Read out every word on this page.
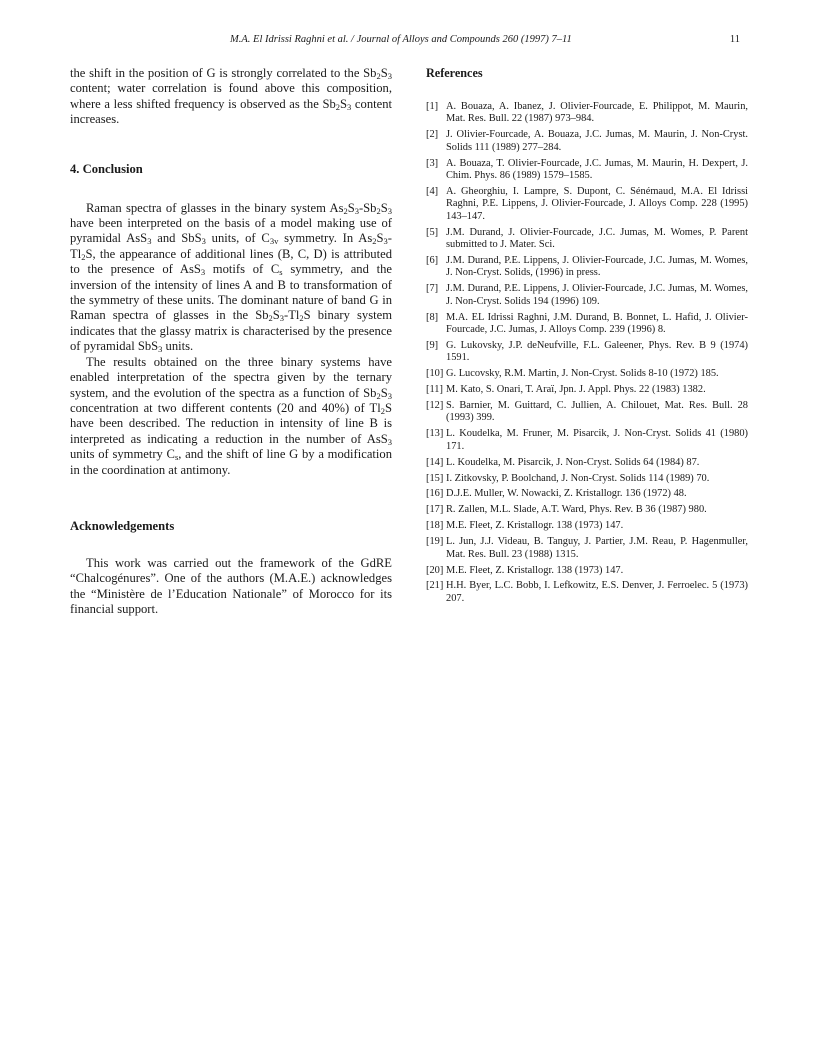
M.A. El Idrissi Raghni et al. / Journal of Alloys and Compounds 260 (1997) 7–11	11

the shift in the position of G is strongly correlated to the $Sb_2S_3$ content; water correlation is found above this composition, where a less shifted frequency is observed as the $Sb_2S_3$ content increases.

4. Conclusion

Raman spectra of glasses in the binary system $As_2S_3-Sb_2S_3$ have been interpreted on the basis of a model making use of pyramidal AsS$_3$ and SbS$_3$ units, of $C_{3v}$ symmetry. In $As_2S_3-Tl_2S$, the appearance of additional lines (B, C, D) is attributed to the presence of AsS$_3$ motifs of $C_s$ symmetry, and the inversion of the intensity of lines A and B to transformation of the symmetry of these units. The dominant nature of band G in Raman spectra of glasses in the $Sb_2S_3-Tl_2S$ binary system indicates that the glassy matrix is characterised by the presence of pyramidal SbS$_3$ units.

The results obtained on the three binary systems have enabled interpretation of the spectra given by the ternary system, and the evolution of the spectra as a function of $Sb_2S_3$ concentration at two different contents (20 and 40%) of $Tl_2S$ have been described. The reduction in intensity of line B is interpreted as indicating a reduction in the number of AsS$_3$ units of symmetry $C_s$, and the shift of line G by a modification in the coordination at antimony.

Acknowledgements

This work was carried out the framework of the GdRE “Chalcogénures”. One of the authors (M.A.E.) acknowledges the “Ministère de l’Education Nationale” of Morocco for its financial support.

References
[1] A. Bouaza, A. Ibanez, J. Olivier-Fourcade, E. Philippot, M. Maurin, Mat. Res. Bull. 22 (1987) 973–984.
[2] J. Olivier-Fourcade, A. Bouaza, J.C. Jumas, M. Maurin, J. Non-Cryst. Solids 111 (1989) 277–284.
[3] A. Bouaza, T. Olivier-Fourcade, J.C. Jumas, M. Maurin, H. Dexpert, J. Chim. Phys. 86 (1989) 1579–1585.
[4] A. Gheorghiu, I. Lampre, S. Dupont, C. Sénémaud, M.A. El Idrissi Raghni, P.E. Lippens, J. Olivier-Fourcade, J. Alloys Comp. 228 (1995) 143–147.
[5] J.M. Durand, J. Olivier-Fourcade, J.C. Jumas, M. Womes, P. Parent submitted to J. Mater. Sci.
[6] J.M. Durand, P.E. Lippens, J. Olivier-Fourcade, J.C. Jumas, M. Womes, J. Non-Cryst. Solids, (1996) in press.
[7] J.M. Durand, P.E. Lippens, J. Olivier-Fourcade, J.C. Jumas, M. Womes, J. Non-Cryst. Solids 194 (1996) 109.
[8] M.A. EL Idrissi Raghni, J.M. Durand, B. Bonnet, L. Hafid, J. Olivier-Fourcade, J.C. Jumas, J. Alloys Comp. 239 (1996) 8.
[9] G. Lukovsky, J.P. deNeufville, F.L. Galeener, Phys. Rev. B 9 (1974) 1591.
[10] G. Lucovsky, R.M. Martin, J. Non-Cryst. Solids 8-10 (1972) 185.
[11] M. Kato, S. Onari, T. Araï, Jpn. J. Appl. Phys. 22 (1983) 1382.
[12] S. Barnier, M. Guittard, C. Jullien, A. Chilouet, Mat. Res. Bull. 28 (1993) 399.
[13] L. Koudelka, M. Fruner, M. Pisarcik, J. Non-Cryst. Solids 41 (1980) 171.
[14] L. Koudelka, M. Pisarcik, J. Non-Cryst. Solids 64 (1984) 87.
[15] I. Zitkovsky, P. Boolchand, J. Non-Cryst. Solids 114 (1989) 70.
[16] D.J.E. Muller, W. Nowacki, Z. Kristallogr. 136 (1972) 48.
[17] R. Zallen, M.L. Slade, A.T. Ward, Phys. Rev. B 36 (1987) 980.
[18] M.E. Fleet, Z. Kristallogr. 138 (1973) 147.
[19] L. Jun, J.J. Videau, B. Tanguy, J. Partier, J.M. Reau, P. Hagenmuller, Mat. Res. Bull. 23 (1988) 1315.
[20] M.E. Fleet, Z. Kristallogr. 138 (1973) 147.
[21] H.H. Byer, L.C. Bobb, I. Lefkowitz, E.S. Denver, J. Ferroelec. 5 (1973) 207.
